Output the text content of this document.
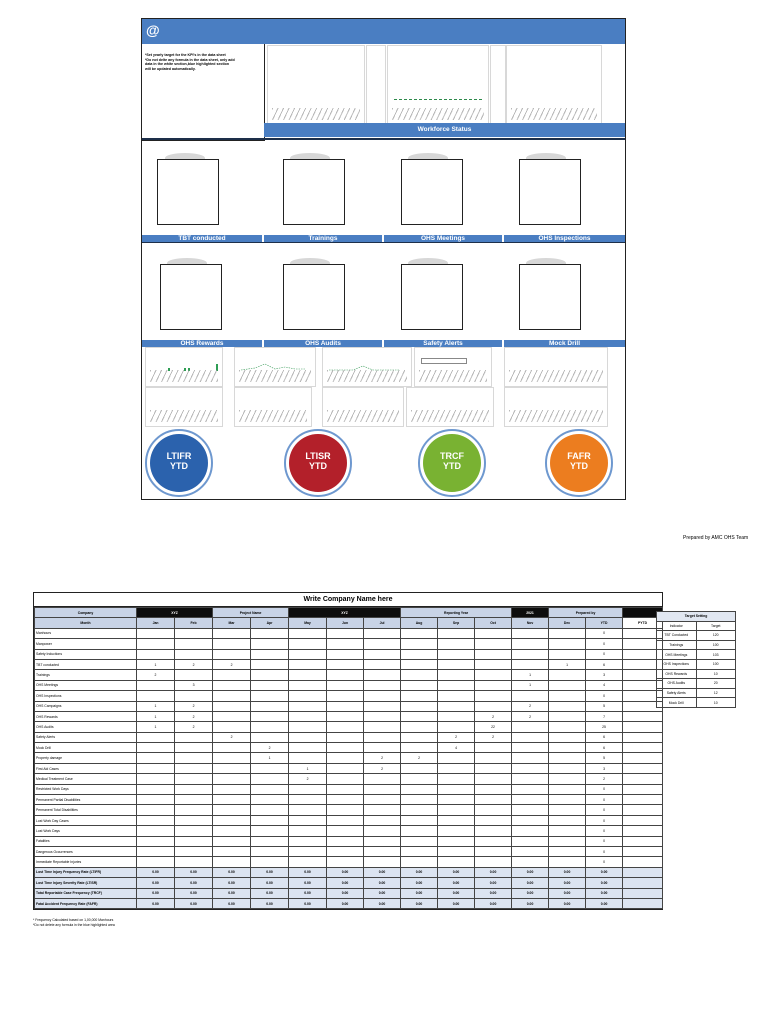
@
*Set yearly target for the KPI's in the data sheet
*Do not delte any formula in the data sheet, only add
data in the white section,blue highlighted section
will be updated automatically.
Workforce Status
TBT conducted	Trainings	OHS Meetings	OHS Inspections
OHS Rewards	OHS Audits	Safety Alerts	Mock Drill
LTIFR
YTD
LTISR
YTD
TRCF
YTD
FAFR
YTD
Prepared by AMC OHS Team
Write Company Name here
Company	XYZ		Project Name		XYZ			Reporting Year			2021	Prepared by		
Month	Jan	Feb	Mar	Apr	May	Jun	Jul	Aug	Sep	Oct	Nov	Dec	YTD	PYTD
Manhours													0	
Manpower													0	
Safety Inductions													0	
TBT conducted	1	2	2									1	6	
Trainings	2										1		3	
OHS Meetings		3									1		4	
OHS Inspections													0	
OHS Campaigns	1	2									2		5	
OHS Rewards	1	2								2	2		7	
OHS Audits	1	2								22			25	
Safety Alerts			2						2	2			6	
Mock Drill				2					4				6	
Property damage				1			2	2					5	
First Aid Cases					1		2						3	
Medical Treatment Case					2								2	
Restricted Work Days													0	
Permanent Partial Disabilities													0	
Permanent Total Disabilities													0	
Lost Work Day Cases													0	
Lost Work Days													0	
Fatalities													0	
Dangerous Occurrences													0	
Immediate Reportable Injuries													0	
Lost Time Injury Frequency Rate (LTIFR)	0.00	0.00	0.00	0.00	0.00	0.00	0.00	0.00	0.00	0.00	0.00	0.00	0.00	
Lost Time Injury Severity Rate (LTISR)	0.00	0.00	0.00	0.00	0.00	0.00	0.00	0.00	0.00	0.00	0.00	0.00	0.00	
Total Reportable Case Frequency (TRCF)	0.00	0.00	0.00	0.00	0.00	0.00	0.00	0.00	0.00	0.00	0.00	0.00	0.00	
Fatal Accident Frequency Rate (FAFR)	0.00	0.00	0.00	0.00	0.00	0.00	0.00	0.00	0.00	0.00	0.00	0.00	0.00	
Target Setting	
Indicator	Target
TBT Conducted	120
Trainings	100
OHS Meetings	103
OHS Inspections	100
OHS Rewards	10
OHS Audits	20
Safety Alerts	12
Mock Drill	10
* Frequency Calculated based on 1,00,000 Manhours
*Do not delete any formula in the blue highlighted area
